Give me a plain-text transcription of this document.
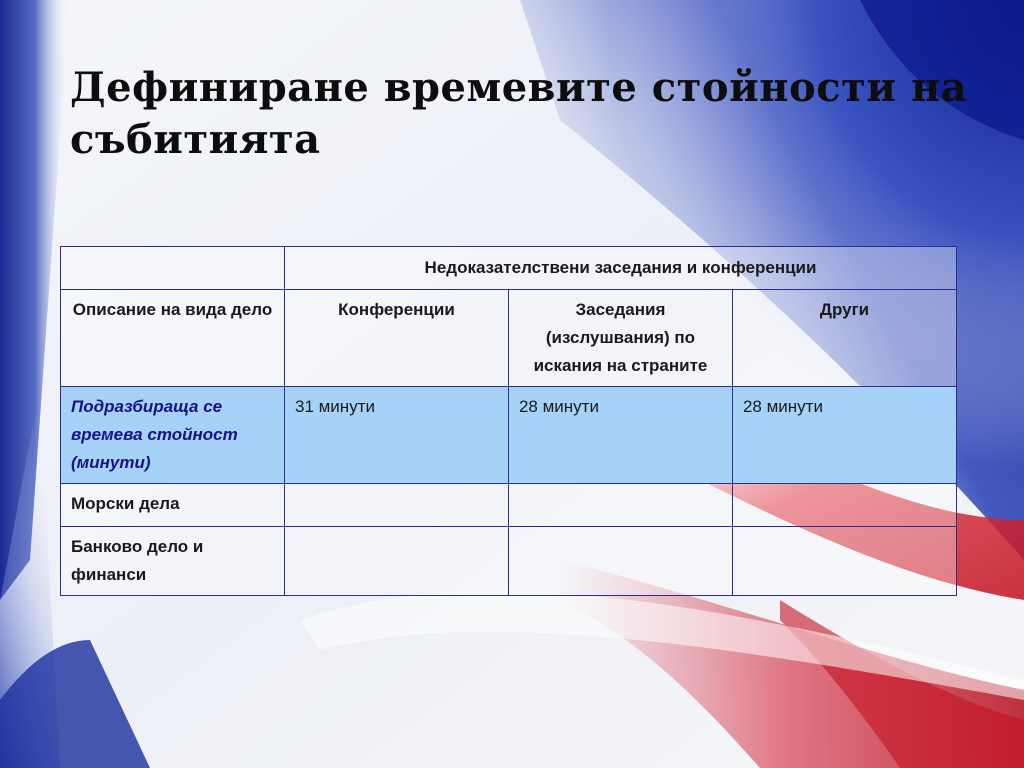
Дефиниране времевите стойности на събитията
	Недоказателствени заседания и конференции		
Описание на вида дело	Конференции	Заседания (изслушвания) по искания на страните	Други
Подразбираща се времева стойност (минути)	31 минути	28 минути	28 минути
Морски дела			
Банково дело и финанси			
